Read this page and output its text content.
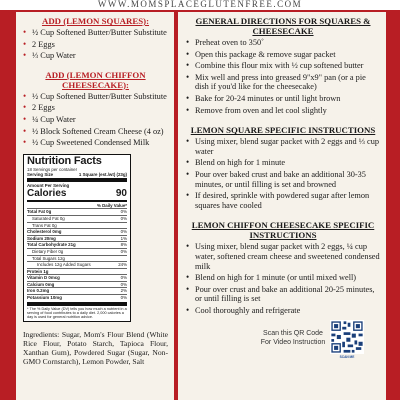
WWW.MOMSPLACEGLUTENFREE.COM
ADD (LEMON SQUARES):
• ½ Cup Softened Butter/Butter Substitute
• 2 Eggs
• ⅓ Cup Water
ADD (LEMON CHIFFON CHEESECAKE):
• ½ Cup Softened Butter/Butter Substitute
• 2 Eggs
• ¼ Cup Water
• ½ Block Softened Cream Cheese (4 oz)
• ½ Cup Sweetened Condensed Milk
Nutrition Facts
18 Servings per container
Serving Size	1 Square (est./wt) (23g)
Amount Per Serving
Calories	90
% Daily Value*
Total Fat 0g	0%
Saturated Fat 0g	0%
Trans Fat 0g
Cholesterol 0mg	0%
Sodium 20mg	1%
Total Carbohydrate 21g	8%
Dietary Fiber 0g	0%
Total Sugars 12g
Includes 12g Added Sugars	24%
Protein 1g
Vitamin D 0mcg	0%
Calcium 0mg	0%
Iron 0.2mg	2%
Potassium 10mg	0%
* The % Daily Value (DV) tells you how much a nutrient in a serving of food contributes to a daily diet. 2,000 calories a day is used for general nutrition advice.
Ingredients: Sugar, Mom's Flour Blend (White Rice Flour, Potato Starch, Tapioca Flour, Xanthan Gum), Powdered Sugar (Sugar, Non-GMO Cornstarch), Lemon Powder, Salt
GENERAL DIRECTIONS FOR SQUARES & CHEESECAKE
• Preheat oven to 350˚
• Open this package & remove sugar packet
• Combine this flour mix with ½ cup softened butter
• Mix well and press into greased 9"x9" pan (or a pie dish if you'd like for the cheesecake)
• Bake for 20-24 minutes or until light brown
• Remove from oven and let cool slightly
LEMON SQUARE SPECIFIC INSTRUCTIONS
• Using mixer, blend sugar packet with 2 eggs and ⅓ cup water
• Blend on high for 1 minute
• Pour over baked crust and bake an additional 30-35 minutes, or until filling is set and browned
• If desired, sprinkle with powdered sugar after lemon squares have cooled
LEMON CHIFFON CHEESECAKE SPECIFIC INSTRUCTIONS
• Using mixer, blend sugar packet with 2 eggs, ¼ cup water, softened cream cheese and sweetened condensed milk
• Blend on high for 1 minute (or until mixed well)
• Pour over crust and bake an additional 20-25 minutes, or until filling is set
• Cool thoroughly and refrigerate
Scan this QR Code For Video Instruction
SCAN ME
